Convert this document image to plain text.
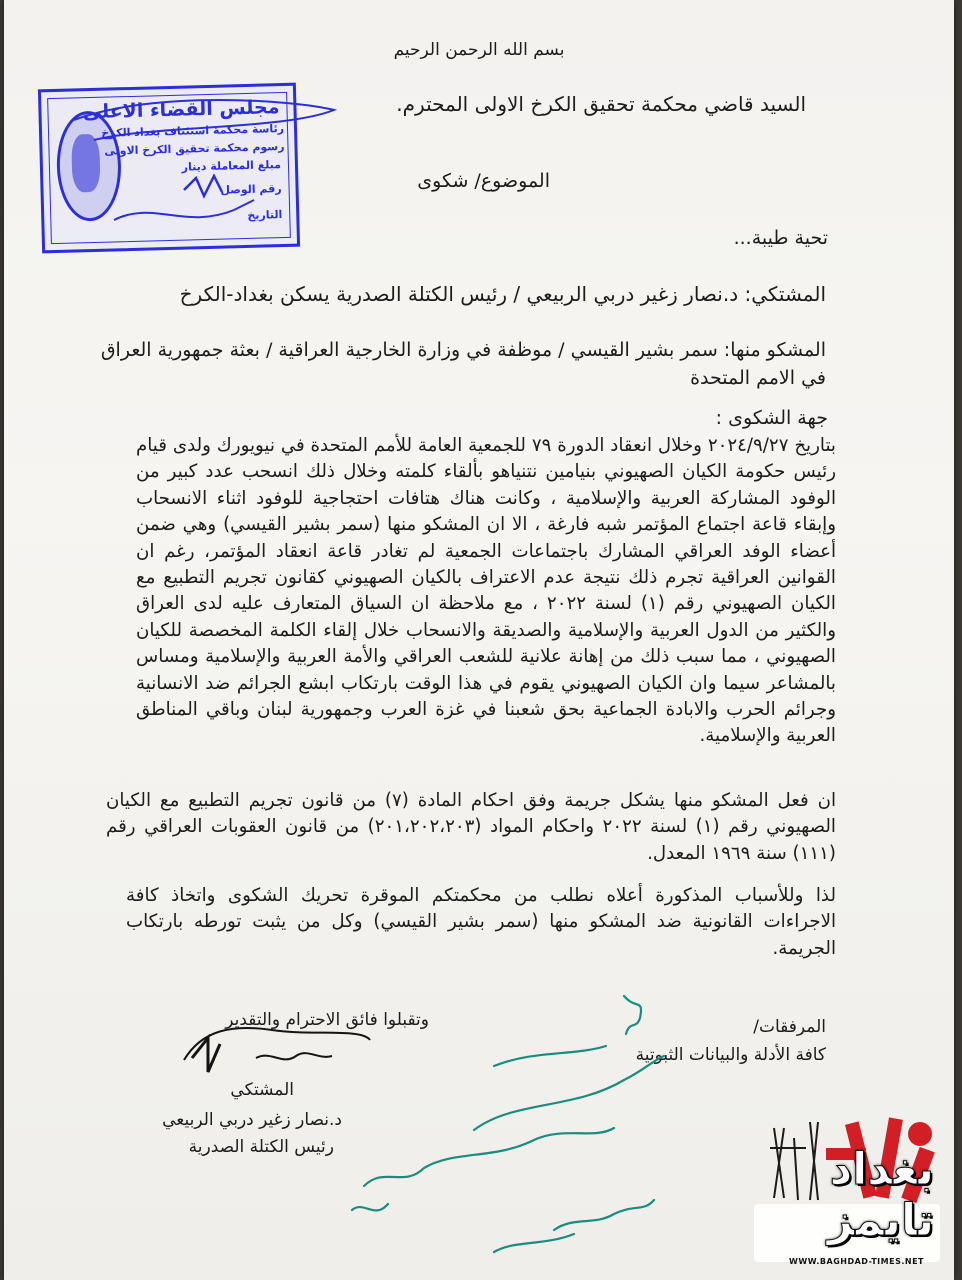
بسم الله الرحمن الرحيم
السيد قاضي محكمة تحقيق الكرخ الاولى المحترم.
الموضوع/ شكوى
تحية طيبة...
المشتكي: د.نصار زغير دربي الربيعي / رئيس الكتلة الصدرية يسكن بغداد-الكرخ
المشكو منها: سمر بشير القيسي / موظفة في وزارة الخارجية العراقية / بعثة جمهورية العراق
في الامم المتحدة
جهة الشكوى :
بتاريخ ٢٠٢٤/٩/٢٧ وخلال انعقاد الدورة ٧٩ للجمعية العامة للأمم المتحدة في نيويورك ولدى قيام رئيس حكومة الكيان الصهيوني بنيامين نتنياهو بألقاء كلمته وخلال ذلك انسحب عدد كبير من الوفود المشاركة العربية والإسلامية ، وكانت هناك هتافات احتجاجية للوفود اثناء الانسحاب وإبقاء قاعة اجتماع المؤتمر شبه فارغة ، الا ان المشكو منها (سمر بشير القيسي) وهي ضمن أعضاء الوفد العراقي المشارك باجتماعات الجمعية لم تغادر قاعة انعقاد المؤتمر، رغم ان القوانين العراقية تجرم ذلك نتيجة عدم الاعتراف بالكيان الصهيوني كقانون تجريم التطبيع مع الكيان الصهيوني رقم (١) لسنة ٢٠٢٢ ، مع ملاحظة ان السياق المتعارف عليه لدى العراق والكثير من الدول العربية والإسلامية والصديقة والانسحاب خلال إلقاء الكلمة المخصصة للكيان الصهيوني ، مما سبب ذلك من إهانة علانية للشعب العراقي والأمة العربية والإسلامية ومساس بالمشاعر سيما وان الكيان الصهيوني يقوم في هذا الوقت بارتكاب ابشع الجرائم ضد الانسانية وجرائم الحرب والابادة الجماعية بحق شعبنا في غزة العرب وجمهورية لبنان وباقي المناطق العربية والإسلامية.
ان فعل المشكو منها يشكل جريمة وفق احكام المادة (٧) من قانون تجريم التطبيع مع الكيان الصهيوني رقم (١) لسنة ٢٠٢٢ واحكام المواد (٢٠١،٢٠٢،٢٠٣) من قانون العقوبات العراقي رقم (١١١) سنة ١٩٦٩ المعدل.
لذا وللأسباب المذكورة أعلاه نطلب من محكمتكم الموقرة تحريك الشكوى واتخاذ كافة الاجراءات القانونية ضد المشكو منها (سمر بشير القيسي) وكل من يثبت تورطه بارتكاب الجريمة.
وتقبلوا فائق الاحترام والتقدير	المرفقات/
كافة الأدلة والبيانات الثبوتية
المشتكي
د.نصار زغير دربي الربيعي
رئيس الكتلة الصدرية
مجلس القضاء الاعلى
رئاسة محكمة استئناف بغداد الكرخ
رسوم محكمة تحقيق الكرخ الاولى
مبلغ المعاملة دينار
رقم الوصل
التاريخ
بغداد تايمز
WWW.BAGHDAD-TIMES.NET
